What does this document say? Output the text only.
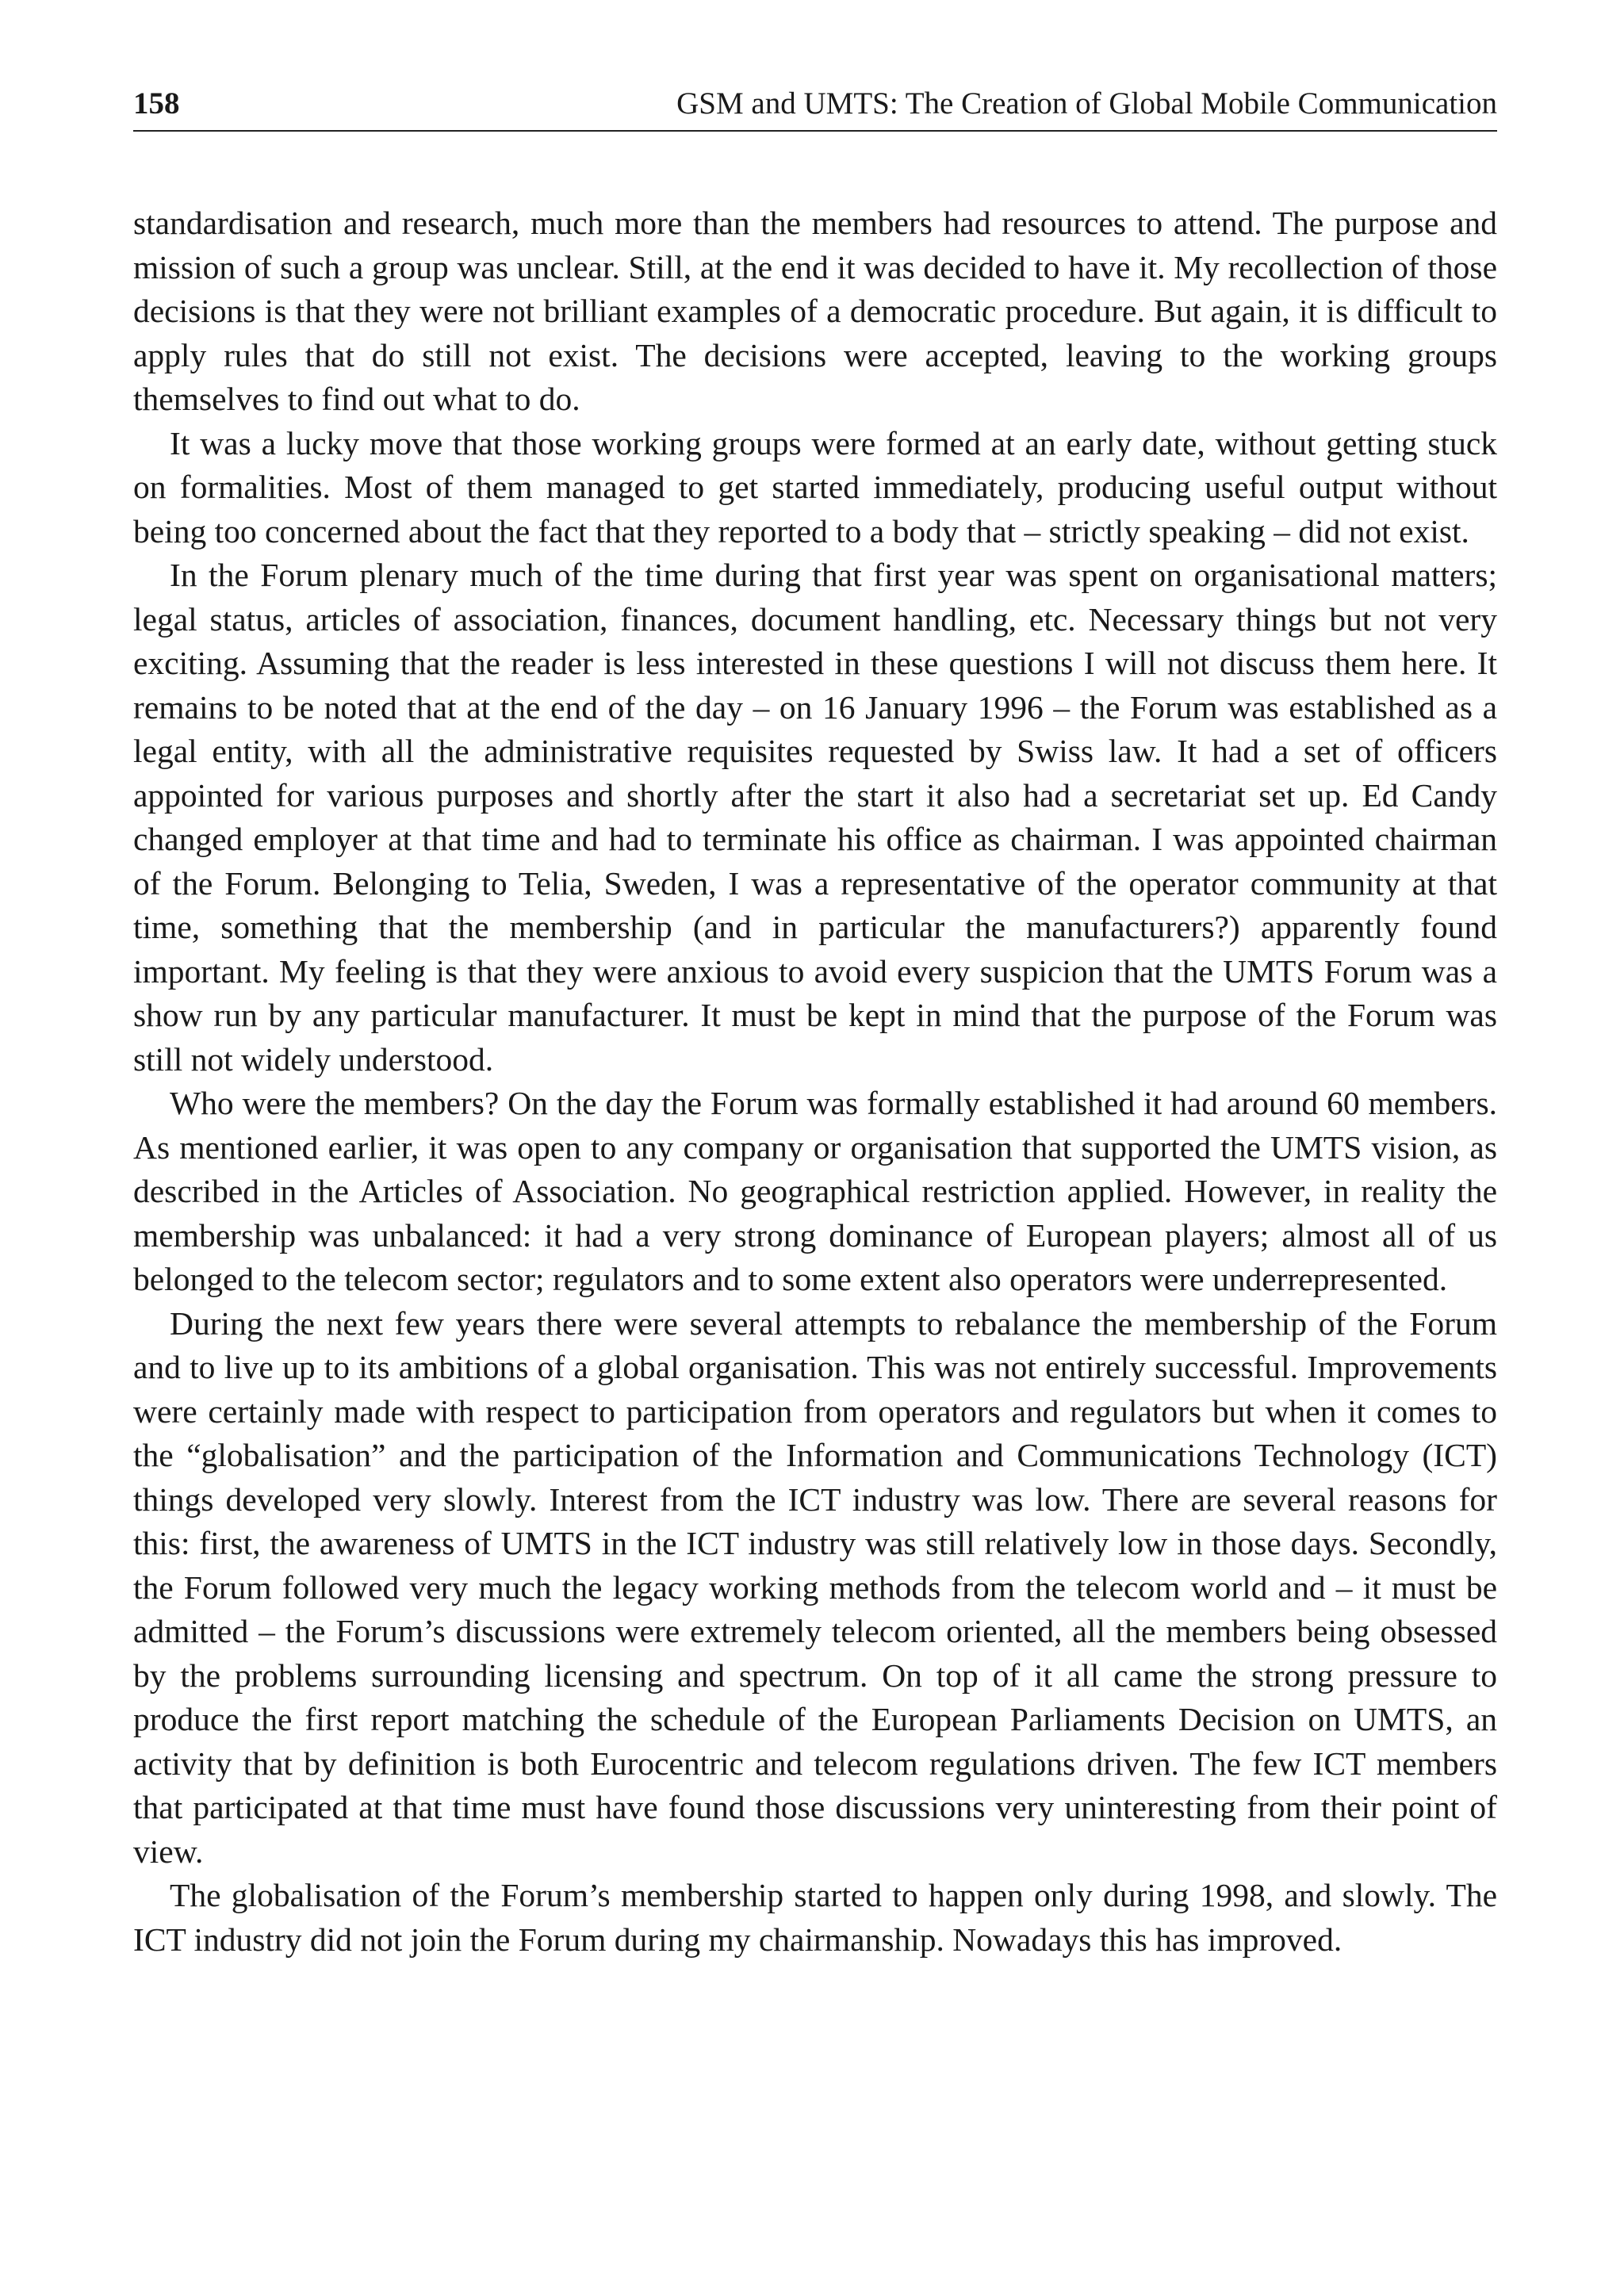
158	GSM and UMTS: The Creation of Global Mobile Communication

standardisation and research, much more than the members had resources to attend. The purpose and mission of such a group was unclear. Still, at the end it was decided to have it. My recollection of those decisions is that they were not brilliant examples of a democratic procedure. But again, it is difficult to apply rules that do still not exist. The decisions were accepted, leaving to the working groups themselves to find out what to do.

It was a lucky move that those working groups were formed at an early date, without getting stuck on formalities. Most of them managed to get started immediately, producing useful output without being too concerned about the fact that they reported to a body that – strictly speaking – did not exist.

In the Forum plenary much of the time during that first year was spent on organisational matters; legal status, articles of association, finances, document handling, etc. Necessary things but not very exciting. Assuming that the reader is less interested in these questions I will not discuss them here. It remains to be noted that at the end of the day – on 16 January 1996 – the Forum was established as a legal entity, with all the administrative requisites requested by Swiss law. It had a set of officers appointed for various purposes and shortly after the start it also had a secretariat set up. Ed Candy changed employer at that time and had to terminate his office as chairman. I was appointed chairman of the Forum. Belonging to Telia, Sweden, I was a representative of the operator community at that time, something that the membership (and in particular the manufacturers?) apparently found important. My feeling is that they were anxious to avoid every suspicion that the UMTS Forum was a show run by any particular manufacturer. It must be kept in mind that the purpose of the Forum was still not widely understood.

Who were the members? On the day the Forum was formally established it had around 60 members. As mentioned earlier, it was open to any company or organisation that supported the UMTS vision, as described in the Articles of Association. No geographical restriction applied. However, in reality the membership was unbalanced: it had a very strong dominance of European players; almost all of us belonged to the telecom sector; regulators and to some extent also operators were underrepresented.

During the next few years there were several attempts to rebalance the membership of the Forum and to live up to its ambitions of a global organisation. This was not entirely successful. Improvements were certainly made with respect to participation from operators and regulators but when it comes to the “globalisation” and the participation of the Information and Communications Technology (ICT) things developed very slowly. Interest from the ICT industry was low. There are several reasons for this: first, the awareness of UMTS in the ICT industry was still relatively low in those days. Secondly, the Forum followed very much the legacy working methods from the telecom world and – it must be admitted – the Forum’s discussions were extremely telecom oriented, all the members being obsessed by the problems surrounding licensing and spectrum. On top of it all came the strong pressure to produce the first report matching the schedule of the European Parliaments Decision on UMTS, an activity that by definition is both Eurocentric and telecom regulations driven. The few ICT members that participated at that time must have found those discussions very uninteresting from their point of view.

The globalisation of the Forum’s membership started to happen only during 1998, and slowly. The ICT industry did not join the Forum during my chairmanship. Nowadays this has improved.
